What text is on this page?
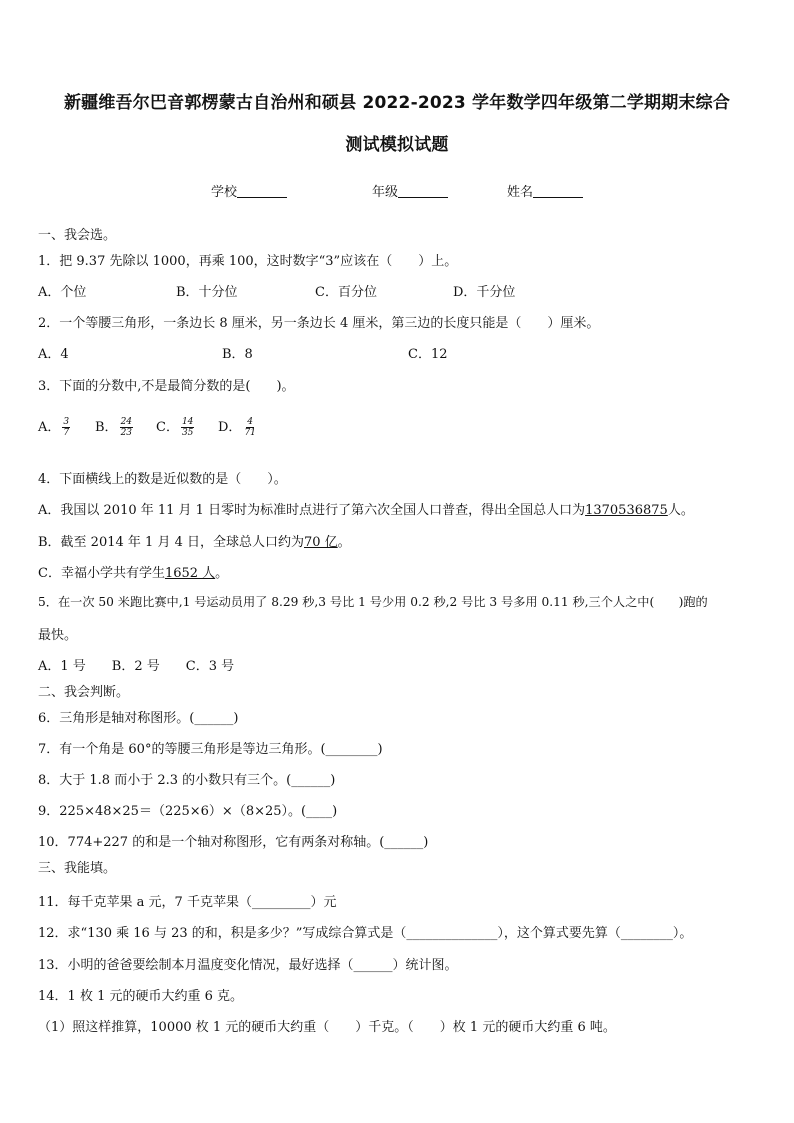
新疆维吾尔巴音郭楞蒙古自治州和硕县 2022-2023 学年数学四年级第二学期期末综合
测试模拟试题
学校	年级	姓名
一、我会选。
1．把 9.37 先除以 1000，再乘 100，这时数字“3”应该在（　　）上。
A．个位	B．十分位	C．百分位	D．千分位
2．一个等腰三角形，一条边长 8 厘米，另一条边长 4 厘米，第三边的长度只能是（　　）厘米。
A．4	B．8	C．12
3．下面的分数中,不是最简分数的是(　　)。
A． $\frac{3}{7}$ B． $\frac{24}{23}$ C． $\frac{14}{35}$ D． $\frac{4}{71}$
4．下面横线上的数是近似数的是（　　）。
A．我国以 2010 年 11 月 1 日零时为标准时点进行了第六次全国人口普查，得出全国总人口为1370536875人。
B．截至 2014 年 1 月 4 日，全球总人口约为70 亿。
C．幸福小学共有学生1652 人。
5．在一次 50 米跑比赛中,1 号运动员用了 8.29 秒,3 号比 1 号少用 0.2 秒,2 号比 3 号多用 0.11 秒,三个人之中(　　)跑的
最快。
A．1 号　　B．2 号　　C．3 号
二、我会判断。
6．三角形是轴对称图形。(______)
7．有一个角是 60°的等腰三角形是等边三角形。(________)
8．大于 1.8 而小于 2.3 的小数只有三个。(______)
9．225×48×25＝（225×6）×（8×25）。(____)
10．774+227 的和是一个轴对称图形，它有两条对称轴。(______)
三、我能填。
11．每千克苹果 a 元，7 千克苹果（_________）元
12．求“130 乘 16 与 23 的和，积是多少？”写成综合算式是（______________），这个算式要先算（________）。
13．小明的爸爸要绘制本月温度变化情况，最好选择（______）统计图。
14．1 枚 1 元的硬币大约重 6 克。
（1）照这样推算，10000 枚 1 元的硬币大约重（　　）千克。（　　）枚 1 元的硬币大约重 6 吨。
